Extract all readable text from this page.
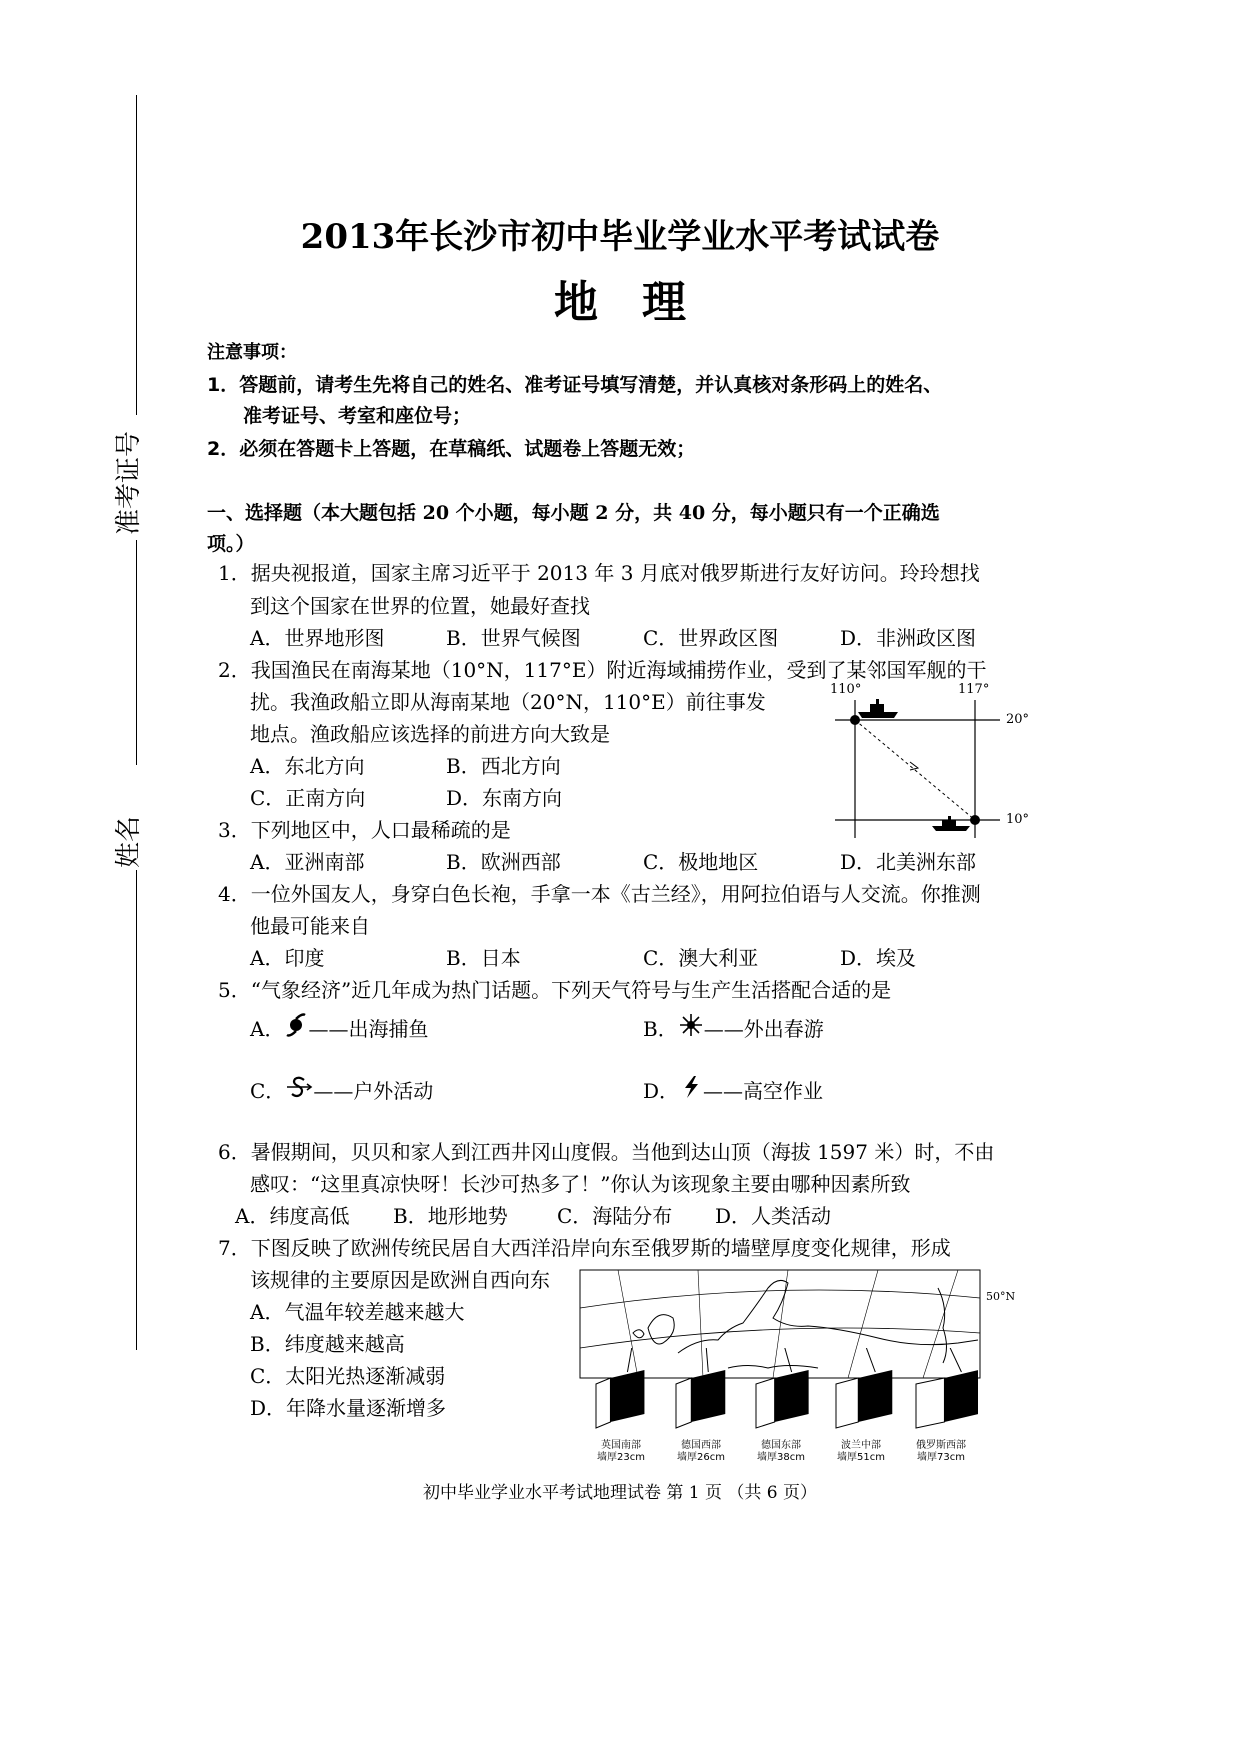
准考证号
姓名
2013年长沙市初中毕业学业水平考试试卷
地　理
注意事项：
1．答题前，请考生先将自己的姓名、准考证号填写清楚，并认真核对条形码上的姓名、
准考证号、考室和座位号；
2．必须在答题卡上答题，在草稿纸、试题卷上答题无效；
一、选择题（本大题包括 20 个小题，每小题 2 分，共 40 分，每小题只有一个正确选
项。）
1．据央视报道，国家主席习近平于 2013 年 3 月底对俄罗斯进行友好访问。玲玲想找
到这个国家在世界的位置，她最好查找
A．世界地形图	B．世界气候图	C．世界政区图	D．非洲政区图
2．我国渔民在南海某地（10°N，117°E）附近海域捕捞作业，受到了某邻国军舰的干
扰。我渔政船立即从海南某地（20°N，110°E）前往事发
地点。渔政船应该选择的前进方向大致是
A．东北方向	B．西北方向
C．正南方向	D．东南方向
110°	117°
20°
10°
3．下列地区中，人口最稀疏的是
A．亚洲南部	B．欧洲西部	C．极地地区	D．北美洲东部
4．一位外国友人，身穿白色长袍，手拿一本《古兰经》，用阿拉伯语与人交流。你推测
他最可能来自
A．印度	B．日本	C．澳大利亚	D．埃及
5．“气象经济”近几年成为热门话题。下列天气符号与生产生活搭配合适的是
A． ——出海捕鱼	B． ——外出春游
C． ——户外活动	D． ——高空作业
6．暑假期间，贝贝和家人到江西井冈山度假。当他到达山顶（海拔 1597 米）时，不由
感叹：“这里真凉快呀！长沙可热多了！”你认为该现象主要由哪种因素所致
A．纬度高低 B．地形地势 C．海陆分布 D．人类活动
7．下图反映了欧洲传统民居自大西洋沿岸向东至俄罗斯的墙壁厚度变化规律，形成
该规律的主要原因是欧洲自西向东
A．气温年较差越来越大
B．纬度越来越高
C．太阳光热逐渐减弱
D．年降水量逐渐增多
50°N
英国南部
墙厚23cm
德国西部
墙厚26cm
德国东部
墙厚38cm
波兰中部
墙厚51cm
俄罗斯西部
墙厚73cm
初中毕业学业水平考试地理试卷 第 1 页 （共 6 页）
